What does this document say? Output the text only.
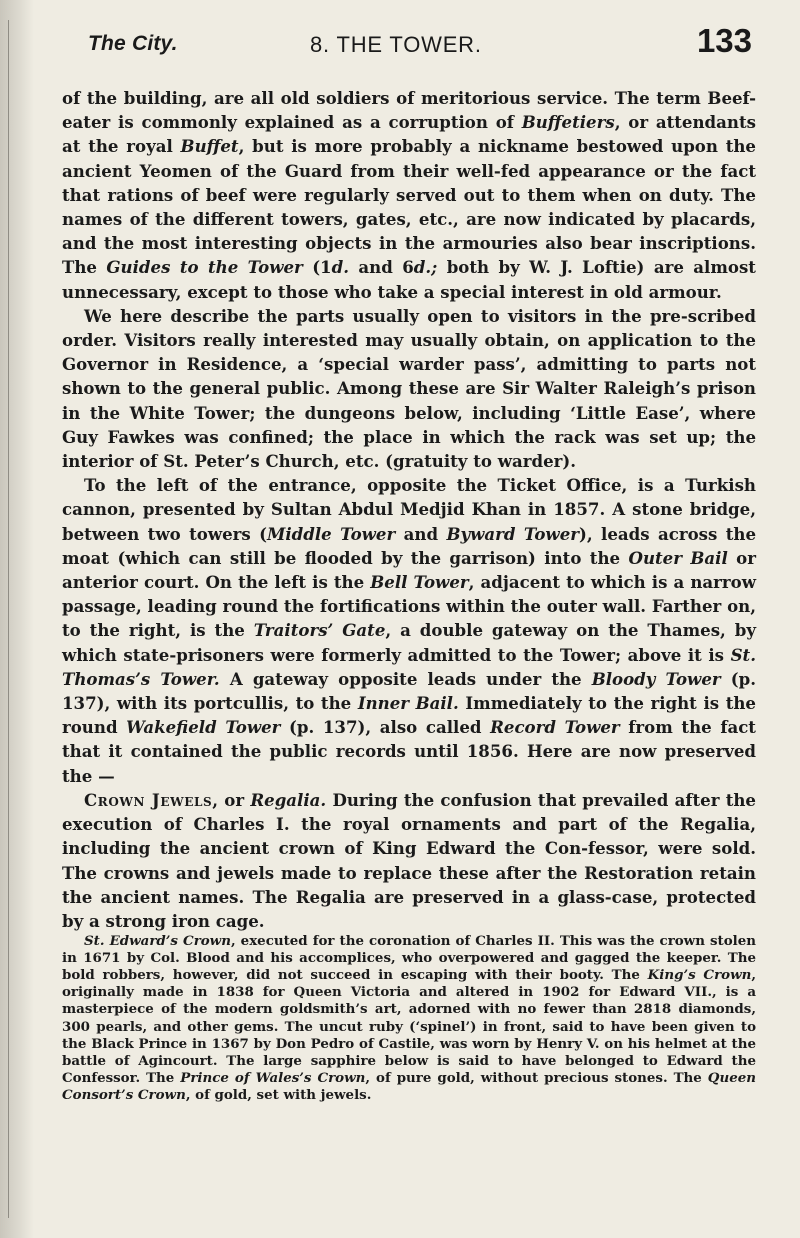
The City.	8. THE TOWER.	133

of the building, are all old soldiers of meritorious service. The term Beef-eater is commonly explained as a corruption of Buffetiers, or attendants at the royal Buffet, but is more probably a nickname bestowed upon the ancient Yeomen of the Guard from their well-fed appearance or the fact that rations of beef were regularly served out to them when on duty. The names of the different towers, gates, etc., are now indicated by placards, and the most interesting objects in the armouries also bear inscriptions. The Guides to the Tower (1d. and 6d.; both by W. J. Loftie) are almost unnecessary, except to those who take a special interest in old armour.

We here describe the parts usually open to visitors in the pre-scribed order. Visitors really interested may usually obtain, on application to the Governor in Residence, a ‘special warder pass’, admitting to parts not shown to the general public. Among these are Sir Walter Raleigh’s prison in the White Tower; the dungeons below, including ‘Little Ease’, where Guy Fawkes was confined; the place in which the rack was set up; the interior of St. Peter’s Church, etc. (gratuity to warder).

To the left of the entrance, opposite the Ticket Office, is a Turkish cannon, presented by Sultan Abdul Medjid Khan in 1857. A stone bridge, between two towers (Middle Tower and Byward Tower), leads across the moat (which can still be flooded by the garrison) into the Outer Bail or anterior court. On the left is the Bell Tower, adjacent to which is a narrow passage, leading round the fortifications within the outer wall. Farther on, to the right, is the Traitors’ Gate, a double gateway on the Thames, by which state-prisoners were formerly admitted to the Tower; above it is St. Thomas’s Tower. A gateway opposite leads under the Bloody Tower (p. 137), with its portcullis, to the Inner Bail. Immediately to the right is the round Wakefield Tower (p. 137), also called Record Tower from the fact that it contained the public records until 1856. Here are now preserved the —

Crown Jewels, or Regalia. During the confusion that prevailed after the execution of Charles I. the royal ornaments and part of the Regalia, including the ancient crown of King Edward the Con-fessor, were sold. The crowns and jewels made to replace these after the Restoration retain the ancient names. The Regalia are preserved in a glass-case, protected by a strong iron cage.

St. Edward’s Crown, executed for the coronation of Charles II. This was the crown stolen in 1671 by Col. Blood and his accomplices, who overpowered and gagged the keeper. The bold robbers, however, did not succeed in escaping with their booty. The King’s Crown, originally made in 1838 for Queen Victoria and altered in 1902 for Edward VII., is a masterpiece of the modern goldsmith’s art, adorned with no fewer than 2818 diamonds, 300 pearls, and other gems. The uncut ruby (‘spinel’) in front, said to have been given to the Black Prince in 1367 by Don Pedro of Castile, was worn by Henry V. on his helmet at the battle of Agincourt. The large sapphire below is said to have belonged to Edward the Confessor. The Prince of Wales’s Crown, of pure gold, without precious stones. The Queen Consort’s Crown, of gold, set with jewels.
